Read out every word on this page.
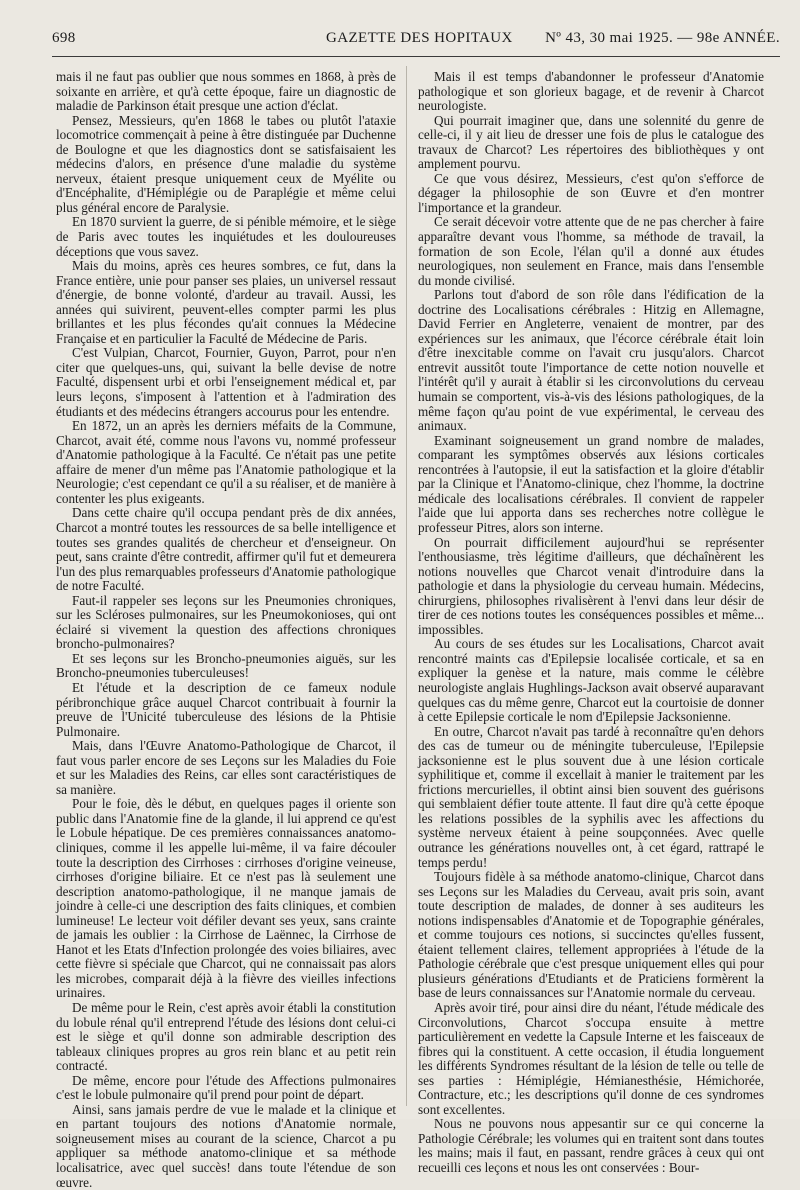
698	GAZETTE DES HOPITAUX Nº 43, 30 mai 1925. — 98e ANNÉE.

mais il ne faut pas oublier que nous sommes en 1868, à près de soixante en arrière, et qu'à cette époque, faire un diagnostic de maladie de Parkinson était presque une action d'éclat.

Pensez, Messieurs, qu'en 1868 le tabes ou plutôt l'ataxie locomotrice commençait à peine à être distinguée par Duchenne de Boulogne et que les diagnostics dont se satisfaisaient les médecins d'alors, en présence d'une maladie du système nerveux, étaient presque uniquement ceux de Myélite ou d'Encéphalite, d'Hémiplégie ou de Paraplégie et même celui plus général encore de Paralysie.

En 1870 survient la guerre, de si pénible mémoire, et le siège de Paris avec toutes les inquiétudes et les douloureuses déceptions que vous savez.

Mais du moins, après ces heures sombres, ce fut, dans la France entière, unie pour panser ses plaies, un universel ressaut d'énergie, de bonne volonté, d'ardeur au travail. Aussi, les années qui suivirent, peuvent-elles compter parmi les plus brillantes et les plus fécondes qu'ait connues la Médecine Française et en particulier la Faculté de Médecine de Paris.

C'est Vulpian, Charcot, Fournier, Guyon, Parrot, pour n'en citer que quelques-uns, qui, suivant la belle devise de notre Faculté, dispensent urbi et orbi l'enseignement médical et, par leurs leçons, s'imposent à l'attention et à l'admiration des étudiants et des médecins étrangers accourus pour les entendre.

En 1872, un an après les derniers méfaits de la Commune, Charcot, avait été, comme nous l'avons vu, nommé professeur d'Anatomie pathologique à la Faculté. Ce n'était pas une petite affaire de mener d'un même pas l'Anatomie pathologique et la Neurologie; c'est cependant ce qu'il a su réaliser, et de manière à contenter les plus exigeants.

Dans cette chaire qu'il occupa pendant près de dix années, Charcot a montré toutes les ressources de sa belle intelligence et toutes ses grandes qualités de chercheur et d'enseigneur. On peut, sans crainte d'être contredit, affirmer qu'il fut et demeurera l'un des plus remarquables professeurs d'Anatomie pathologique de notre Faculté.

Faut-il rappeler ses leçons sur les Pneumonies chroniques, sur les Scléroses pulmonaires, sur les Pneumokonioses, qui ont éclairé si vivement la question des affections chroniques broncho-pulmonaires?

Et ses leçons sur les Broncho-pneumonies aiguës, sur les Broncho-pneumonies tuberculeuses!

Et l'étude et la description de ce fameux nodule péribronchique grâce auquel Charcot contribuait à fournir la preuve de l'Unicité tuberculeuse des lésions de la Phtisie Pulmonaire.

Mais, dans l'Œuvre Anatomo-Pathologique de Charcot, il faut vous parler encore de ses Leçons sur les Maladies du Foie et sur les Maladies des Reins, car elles sont caractéristiques de sa manière.

Pour le foie, dès le début, en quelques pages il oriente son public dans l'Anatomie fine de la glande, il lui apprend ce qu'est le Lobule hépatique. De ces premières connaissances anatomo-cliniques, comme il les appelle lui-même, il va faire découler toute la description des Cirrhoses : cirrhoses d'origine veineuse, cirrhoses d'origine biliaire. Et ce n'est pas là seulement une description anatomo-pathologique, il ne manque jamais de joindre à celle-ci une description des faits cliniques, et combien lumineuse! Le lecteur voit défiler devant ses yeux, sans crainte de jamais les oublier : la Cirrhose de Laënnec, la Cirrhose de Hanot et les Etats d'Infection prolongée des voies biliaires, avec cette fièvre si spéciale que Charcot, qui ne connaissait pas alors les microbes, comparait déjà à la fièvre des vieilles infections urinaires.

De même pour le Rein, c'est après avoir établi la constitution du lobule rénal qu'il entreprend l'étude des lésions dont celui-ci est le siège et qu'il donne son admirable description des tableaux cliniques propres au gros rein blanc et au petit rein contracté.

De même, encore pour l'étude des Affections pulmonaires c'est le lobule pulmonaire qu'il prend pour point de départ.

Ainsi, sans jamais perdre de vue le malade et la clinique et en partant toujours des notions d'Anatomie normale, soigneusement mises au courant de la science, Charcot a pu appliquer sa méthode anatomo-clinique et sa méthode localisatrice, avec quel succès! dans toute l'étendue de son œuvre.

Mais il est temps d'abandonner le professeur d'Anatomie pathologique et son glorieux bagage, et de revenir à Charcot neurologiste.

Qui pourrait imaginer que, dans une solennité du genre de celle-ci, il y ait lieu de dresser une fois de plus le catalogue des travaux de Charcot? Les répertoires des bibliothèques y ont amplement pourvu.

Ce que vous désirez, Messieurs, c'est qu'on s'efforce de dégager la philosophie de son Œuvre et d'en montrer l'importance et la grandeur.

Ce serait décevoir votre attente que de ne pas chercher à faire apparaître devant vous l'homme, sa méthode de travail, la formation de son Ecole, l'élan qu'il a donné aux études neurologiques, non seulement en France, mais dans l'ensemble du monde civilisé.

Parlons tout d'abord de son rôle dans l'édification de la doctrine des Localisations cérébrales : Hitzig en Allemagne, David Ferrier en Angleterre, venaient de montrer, par des expériences sur les animaux, que l'écorce cérébrale était loin d'être inexcitable comme on l'avait cru jusqu'alors. Charcot entrevit aussitôt toute l'importance de cette notion nouvelle et l'intérêt qu'il y aurait à établir si les circonvolutions du cerveau humain se comportent, vis-à-vis des lésions pathologiques, de la même façon qu'au point de vue expérimental, le cerveau des animaux.

Examinant soigneusement un grand nombre de malades, comparant les symptômes observés aux lésions corticales rencontrées à l'autopsie, il eut la satisfaction et la gloire d'établir par la Clinique et l'Anatomo-clinique, chez l'homme, la doctrine médicale des localisations cérébrales. Il convient de rappeler l'aide que lui apporta dans ses recherches notre collègue le professeur Pitres, alors son interne.

On pourrait difficilement aujourd'hui se représenter l'enthousiasme, très légitime d'ailleurs, que déchaînèrent les notions nouvelles que Charcot venait d'introduire dans la pathologie et dans la physiologie du cerveau humain. Médecins, chirurgiens, philosophes rivalisèrent à l'envi dans leur désir de tirer de ces notions toutes les conséquences possibles et même... impossibles.

Au cours de ses études sur les Localisations, Charcot avait rencontré maints cas d'Epilepsie localisée corticale, et sa en expliquer la genèse et la nature, mais comme le célèbre neurologiste anglais Hughlings-Jackson avait observé auparavant quelques cas du même genre, Charcot eut la courtoisie de donner à cette Epilepsie corticale le nom d'Epilepsie Jacksonienne.

En outre, Charcot n'avait pas tardé à reconnaître qu'en dehors des cas de tumeur ou de méningite tuberculeuse, l'Epilepsie jacksonienne est le plus souvent due à une lésion corticale syphilitique et, comme il excellait à manier le traitement par les frictions mercurielles, il obtint ainsi bien souvent des guérisons qui semblaient défier toute attente. Il faut dire qu'à cette époque les relations possibles de la syphilis avec les affections du système nerveux étaient à peine soupçonnées. Avec quelle outrance les générations nouvelles ont, à cet égard, rattrapé le temps perdu!

Toujours fidèle à sa méthode anatomo-clinique, Charcot dans ses Leçons sur les Maladies du Cerveau, avait pris soin, avant toute description de malades, de donner à ses auditeurs les notions indispensables d'Anatomie et de Topographie générales, et comme toujours ces notions, si succinctes qu'elles fussent, étaient tellement claires, tellement appropriées à l'étude de la Pathologie cérébrale que c'est presque uniquement elles qui pour plusieurs générations d'Etudiants et de Praticiens formèrent la base de leurs connaissances sur l'Anatomie normale du cerveau.

Après avoir tiré, pour ainsi dire du néant, l'étude médicale des Circonvolutions, Charcot s'occupa ensuite à mettre particulièrement en vedette la Capsule Interne et les faisceaux de fibres qui la constituent. A cette occasion, il étudia longuement les différents Syndromes résultant de la lésion de telle ou telle de ses parties : Hémiplégie, Hémianesthésie, Hémichorée, Contracture, etc.; les descriptions qu'il donne de ces syndromes sont excellentes.

Nous ne pouvons nous appesantir sur ce qui concerne la Pathologie Cérébrale; les volumes qui en traitent sont dans toutes les mains; mais il faut, en passant, rendre grâces à ceux qui ont recueilli ces leçons et nous les ont conservées : Bour-
